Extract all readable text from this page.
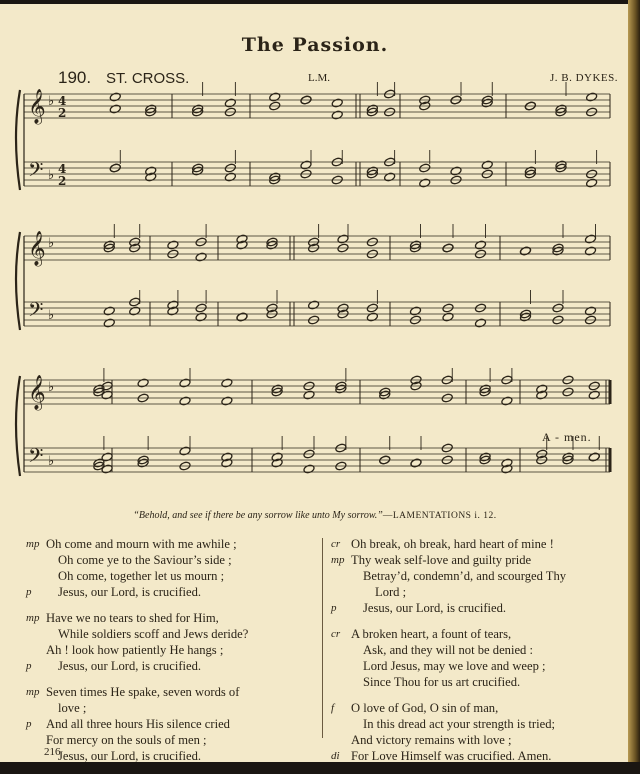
The Passion.
190. ST. CROSS.	L.M.	J. B. DYKES.
𝄞 ♭ 4
2
𝄢 ♭ 4
2
𝄞 ♭
𝄢 ♭
𝄞 ♭
𝄢 ♭
A - men.
“Behold, and see if there be any sorrow like unto My sorrow.”—LAMENTATIONS i. 12.
mp Oh come and mourn with me awhile ;
Oh come ye to the Saviour’s side ;
Oh come, together let us mourn ;
p Jesus, our Lord, is crucified.
mp Have we no tears to shed for Him,
While soldiers scoff and Jews deride?
Ah ! look how patiently He hangs ;
p Jesus, our Lord, is crucified.
mp Seven times He spake, seven words of
love ;
p And all three hours His silence cried
For mercy on the souls of men ;
Jesus, our Lord, is crucified.
cr Oh break, oh break, hard heart of mine !
mp Thy weak self-love and guilty pride
Betray’d, condemn’d, and scourged Thy
Lord ;
p Jesus, our Lord, is crucified.
cr A broken heart, a fount of tears,
Ask, and they will not be denied :
Lord Jesus, may we love and weep ;
Since Thou for us art crucified.
f O love of God, O sin of man,
In this dread act your strength is tried;
And victory remains with love ;
di For Love Himself was crucified. Amen.
216
